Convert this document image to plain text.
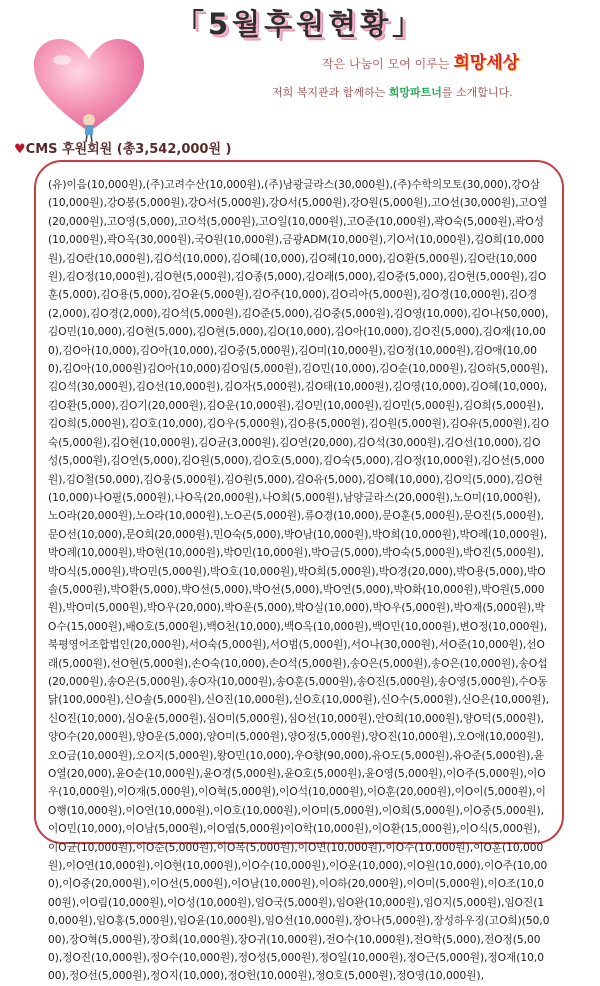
「5월후원현황」
작은 나눔이 모여 이루는 희망세상
저희 복지관과 함께하는 희망파트너를 소개합니다.
♥CMS 후원회원 (총3,542,000원 )
(유)이음(10,000원),(주)고려수산(10,000원),(주)남광글라스(30,000원),(주)수학의모토(30,000),강O삼(10,000원),강O봉(5,000원),강O서(5,000원),강O서(5,000원),강O원(5,000원),고O선(30,000원),고O열(20,000원),고O영(5,000),고O석(5,000원),고O일(10,000원),고O준(10,000원),곽O숙(5,000원),곽O성(10,000원),곽O옥(30,000원),국O원(10,000원),금광ADM(10,000원),기O서(10,000원),김O희(10,000원),김O란(10,000원),김O석(10,000),김O혜(10,000),김O혜(10,000),김O환(5,000원),김O란(10,000원),김O정(10,000원),김O현(5,000원),김O종(5,000),김O래(5,000),김O중(5,000),김O현(5,000원),김O훈(5,000),김O용(5,000),김O윤(5,000원),김O주(10,000),김O리아(5,000원),김O경(10,000원),김O경(2,000),김O경(2,000),김O석(5,000원),김O준(5,000),김O중(5,000원),김O영(10,000),김O나(50,000),김O민(10,000),김O현(5,000),김O현(5,000),김O(10,000),김O아(10,000),김O진(5,000),김O재(10,000),김O아(10,000),김O아(10,000),김O중(5,000원),김O미(10,000원),김O정(10,000원),김O애(10,000),김O아(10,000원)김O아(10,000)김O임(5,000원),김O민(10,000),김O순(10,000원),김O하(5,000원),김O석(30,000원),김O선(10,000원),김O자(5,000원),김O태(10,000원),김O영(10,000),김O혜(10,000),김O환(5,000),김O기(20,000원),김O운(10,000원),김O민(10,000원),김O민(5,000원),김O희(5,000원),김O희(5,000원),김O호(10,000),김O우(5,000원),김O용(5,000원),김O원(5,000원),김O유(5,000원),김O숙(5,000원),김O현(10,000원),김O균(3,000원),김O연(20,000),김O석(30,000원),김O선(10,000),김O성(5,000원),김O연(5,000),김O원(5,000),김O호(5,000),김O숙(5,000),김O정(10,000원),김O선(5,000원),김O철(50,000),김O웅(5,000원),김O원(5,000),김O유(5,000),김O혜(10,000),김O익(5,000),김O현(10,000)나O필(5,000원),나O옥(20,000원),나O희(5,000원),남양글라스(20,000원),노O미(10,000원),노O라(20,000원),노O라(10,000원),노O곤(5,000원),류O경(10,000),문O훈(5,000원),문O진(5,000원),문O선(10,000),문O희(20,000원),민O숙(5,000),박O남(10,000원),박O희(10,000원),박O례(10,000원),박O례(10,000원),박O현(10,000원),박O민(10,000원),박O금(5,000),박O숙(5,000원),박O진(5,000원),박O식(5,000원),박O민(5,000원),박O호(10,000원),박O희(5,000원),박O경(20,000),박O용(5,000),박O솔(5,000원),박O환(5,000),박O선(5,000),박O선(5,000),박O연(5,000),박O화(10,000원),박O원(5,000원),박O미(5,000원),박O우(20,000),박O운(5,000),박O실(10,000),박O우(5,000원),박O재(5,000원),박O수(15,000원),배O호(5,000원),백O천(10,000),백O옥(10,000원),백O민(10,000원),변O정(10,000원),북평영어조합법인(20,000원),서O숙(5,000원),서O범(5,000원),서O나(30,000원),서O준(10,000원),선O래(5,000원),선O현(5,000원),손O숙(10,000),손O석(5,000원),송O은(5,000원),송O은(10,000원),송O섭(20,000원),송O은(5,000원),송O자(10,000원),송O훈(5,000원),송O진(5,000원),송O영(5,000원),수O동닭(100,000원),신O솔(5,000원),신O진(10,000원),신O호(10,000원),신O수(5,000원),신O은(10,000원),신O진(10,000),심O윤(5,000원),심O미(5,000원),심O선(10,000원),안O희(10,000원),양O덕(5,000원),양O수(20,000원),양O운(5,000),양O미(5,000원),양O정(5,000원),양O진(10,000원),오O애(10,000원),오O금(10,000원),오O지(5,000원),왕O민(10,000),우O향(90,000),유O도(5,000원),유O준(5,000원),윤O열(20,000),윤O순(10,000원),윤O경(5,000원),윤O호(5,000원),윤O영(5,000원),이O주(5,000원),이O우(10,000원),이O재(5,000원),이O혁(5,000원),이O석(10,000원),이O훈(20,000원),이O이(5,000원),이O행(10,000원),이O연(10,000원),이O호(10,000원),이O미(5,000원),이O희(5,000원),이O중(5,000원),이O민(10,000),이O남(5,000원),이O엽(5,000원)이O학(10,000원),이O환(15,000원),이O식(5,000원),이O균(10,000원),이O순(5,000원),이O복(5,000원),이O면(10,000원),이O수(10,000원),이O훈(10,000원),이O연(10,000원),이O현(10,000원),이O수(10,000원),이O운(10,000),이O원(10,000),이O주(10,000),이O중(20,000원),이O선(5,000원),이O남(10,000원),이O하(20,000원),이O미(5,000원),이O조(10,000원),이O림(10,000원),이O성(10,000원),임O국(5,000원),임O완(10,000원),임O지(5,000원),임O진(10,000원),임O홍(5,000원),임O윤(10,000원),임O선(10,000원),장O나(5,000원),장성하우징(고O희)(50,000),장O혁(5,000원),장O희(10,000원),장O귀(10,000원),전O수(10,000원),전O학(5,000),전O정(5,000),정O진(10,000원),정O수(10,000원),정O성(5,000원),정O일(10,000원),정O근(5,000원),정O재(10,000),정O선(5,000원),정O지(10,000),정O헌(10,000원),정O호(5,000원),정O영(10,000원),
